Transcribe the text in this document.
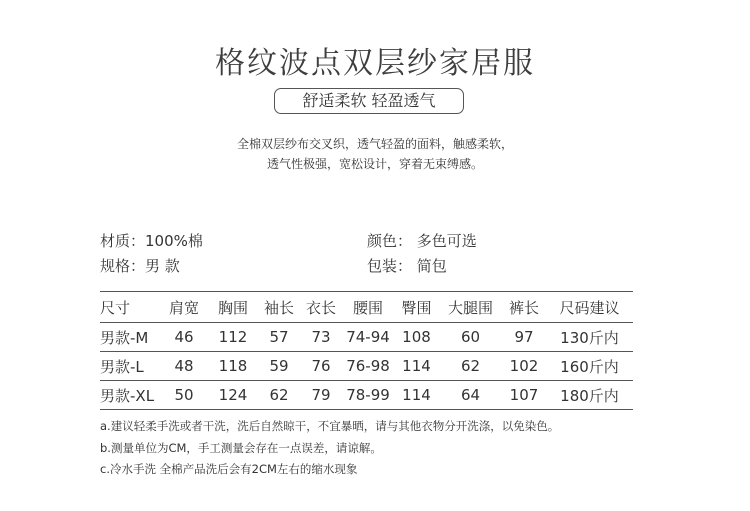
格纹波点双层纱家居服
舒适柔软 轻盈透气
全棉双层纱布交叉织，透气轻盈的面料，触感柔软，
透气性极强，宽松设计，穿着无束缚感。
材质：100%棉	颜色： 多色可选
规格：男 款	包装： 简包
尺寸	肩宽	胸围	袖长	衣长	腰围	臀围	大腿围	裤长	尺码建议
男款-M	46	112	57	73	74-94	108	60	97	130斤内
男款-L	48	118	59	76	76-98	114	62	102	160斤内
男款-XL	50	124	62	79	78-99	114	64	107	180斤内
a.建议轻柔手洗或者干洗，洗后自然晾干，不宜暴晒，请与其他衣物分开洗涤，以免染色。
b.测量单位为CM，手工测量会存在一点误差，请谅解。
c.冷水手洗 全棉产品洗后会有2CM左右的缩水现象
